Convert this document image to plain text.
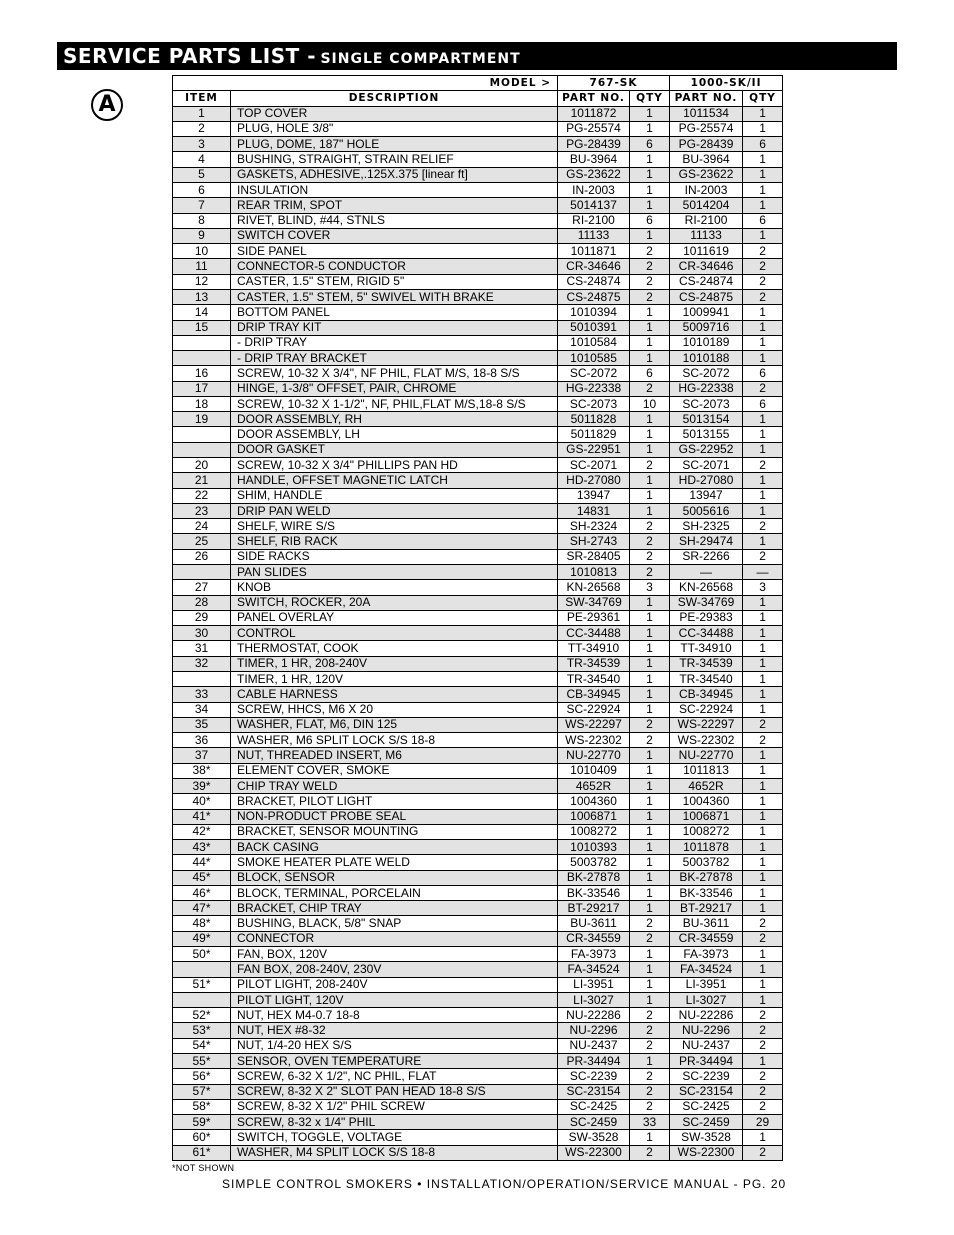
SERVICE PARTS LIST - SINGLE COMPARTMENT
A
MODEL >		767-SK		1000-SK/II	
ITEM	DESCRIPTION	PART NO.	QTY	PART NO.	QTY
1	TOP COVER	1011872	1	1011534	1
2	PLUG, HOLE 3/8"	PG-25574	1	PG-25574	1
3	PLUG, DOME, 187" HOLE	PG-28439	6	PG-28439	6
4	BUSHING, STRAIGHT, STRAIN RELIEF	BU-3964	1	BU-3964	1
5	GASKETS, ADHESIVE,.125X.375 [linear ft]	GS-23622	1	GS-23622	1
6	INSULATION	IN-2003	1	IN-2003	1
7	REAR TRIM, SPOT	5014137	1	5014204	1
8	RIVET, BLIND, #44, STNLS	RI-2100	6	RI-2100	6
9	SWITCH COVER	11133	1	11133	1
10	SIDE PANEL	1011871	2	1011619	2
11	CONNECTOR-5 CONDUCTOR	CR-34646	2	CR-34646	2
12	CASTER, 1.5" STEM, RIGID 5"	CS-24874	2	CS-24874	2
13	CASTER, 1.5" STEM, 5" SWIVEL WITH BRAKE	CS-24875	2	CS-24875	2
14	BOTTOM PANEL	1010394	1	1009941	1
15	DRIP TRAY KIT	5010391	1	5009716	1
	- DRIP TRAY	1010584	1	1010189	1
	- DRIP TRAY BRACKET	1010585	1	1010188	1
16	SCREW, 10-32 X 3/4", NF PHIL, FLAT M/S, 18-8 S/S	SC-2072	6	SC-2072	6
17	HINGE, 1-3/8" OFFSET, PAIR, CHROME	HG-22338	2	HG-22338	2
18	SCREW, 10-32 X 1-1/2", NF, PHIL,FLAT M/S,18-8 S/S	SC-2073	10	SC-2073	6
19	DOOR ASSEMBLY, RH	5011828	1	5013154	1
	DOOR ASSEMBLY, LH	5011829	1	5013155	1
	DOOR GASKET	GS-22951	1	GS-22952	1
20	SCREW, 10-32 X 3/4" PHILLIPS PAN HD	SC-2071	2	SC-2071	2
21	HANDLE, OFFSET MAGNETIC LATCH	HD-27080	1	HD-27080	1
22	SHIM, HANDLE	13947	1	13947	1
23	DRIP PAN WELD	14831	1	5005616	1
24	SHELF, WIRE S/S	SH-2324	2	SH-2325	2
25	SHELF, RIB RACK	SH-2743	2	SH-29474	1
26	SIDE RACKS	SR-28405	2	SR-2266	2
	PAN SLIDES	1010813	2	—	—
27	KNOB	KN-26568	3	KN-26568	3
28	SWITCH, ROCKER, 20A	SW-34769	1	SW-34769	1
29	PANEL OVERLAY	PE-29361	1	PE-29383	1
30	CONTROL	CC-34488	1	CC-34488	1
31	THERMOSTAT, COOK	TT-34910	1	TT-34910	1
32	TIMER, 1 HR, 208-240V	TR-34539	1	TR-34539	1
	TIMER, 1 HR, 120V	TR-34540	1	TR-34540	1
33	CABLE HARNESS	CB-34945	1	CB-34945	1
34	SCREW, HHCS, M6 X 20	SC-22924	1	SC-22924	1
35	WASHER, FLAT, M6, DIN 125	WS-22297	2	WS-22297	2
36	WASHER, M6 SPLIT LOCK S/S 18-8	WS-22302	2	WS-22302	2
37	NUT, THREADED INSERT, M6	NU-22770	1	NU-22770	1
38*	ELEMENT COVER, SMOKE	1010409	1	1011813	1
39*	CHIP TRAY WELD	4652R	1	4652R	1
40*	BRACKET, PILOT LIGHT	1004360	1	1004360	1
41*	NON-PRODUCT PROBE SEAL	1006871	1	1006871	1
42*	BRACKET, SENSOR MOUNTING	1008272	1	1008272	1
43*	BACK CASING	1010393	1	1011878	1
44*	SMOKE HEATER PLATE WELD	5003782	1	5003782	1
45*	BLOCK, SENSOR	BK-27878	1	BK-27878	1
46*	BLOCK, TERMINAL, PORCELAIN	BK-33546	1	BK-33546	1
47*	BRACKET, CHIP TRAY	BT-29217	1	BT-29217	1
48*	BUSHING, BLACK, 5/8" SNAP	BU-3611	2	BU-3611	2
49*	CONNECTOR	CR-34559	2	CR-34559	2
50*	FAN, BOX, 120V	FA-3973	1	FA-3973	1
	FAN BOX, 208-240V, 230V	FA-34524	1	FA-34524	1
51*	PILOT LIGHT, 208-240V	LI-3951	1	LI-3951	1
	PILOT LIGHT, 120V	LI-3027	1	LI-3027	1
52*	NUT, HEX M4-0.7 18-8	NU-22286	2	NU-22286	2
53*	NUT, HEX #8-32	NU-2296	2	NU-2296	2
54*	NUT, 1/4-20 HEX S/S	NU-2437	2	NU-2437	2
55*	SENSOR, OVEN TEMPERATURE	PR-34494	1	PR-34494	1
56*	SCREW, 6-32 X 1/2", NC PHIL, FLAT	SC-2239	2	SC-2239	2
57*	SCREW, 8-32 X 2" SLOT PAN HEAD 18-8 S/S	SC-23154	2	SC-23154	2
58*	SCREW, 8-32 X 1/2" PHIL SCREW	SC-2425	2	SC-2425	2
59*	SCREW, 8-32 x 1/4" PHIL	SC-2459	33	SC-2459	29
60*	SWITCH, TOGGLE, VOLTAGE	SW-3528	1	SW-3528	1
61*	WASHER, M4 SPLIT LOCK S/S 18-8	WS-22300	2	WS-22300	2
*NOT SHOWN
SIMPLE CONTROL SMOKERS • INSTALLATION/OPERATION/SERVICE MANUAL - PG. 20
